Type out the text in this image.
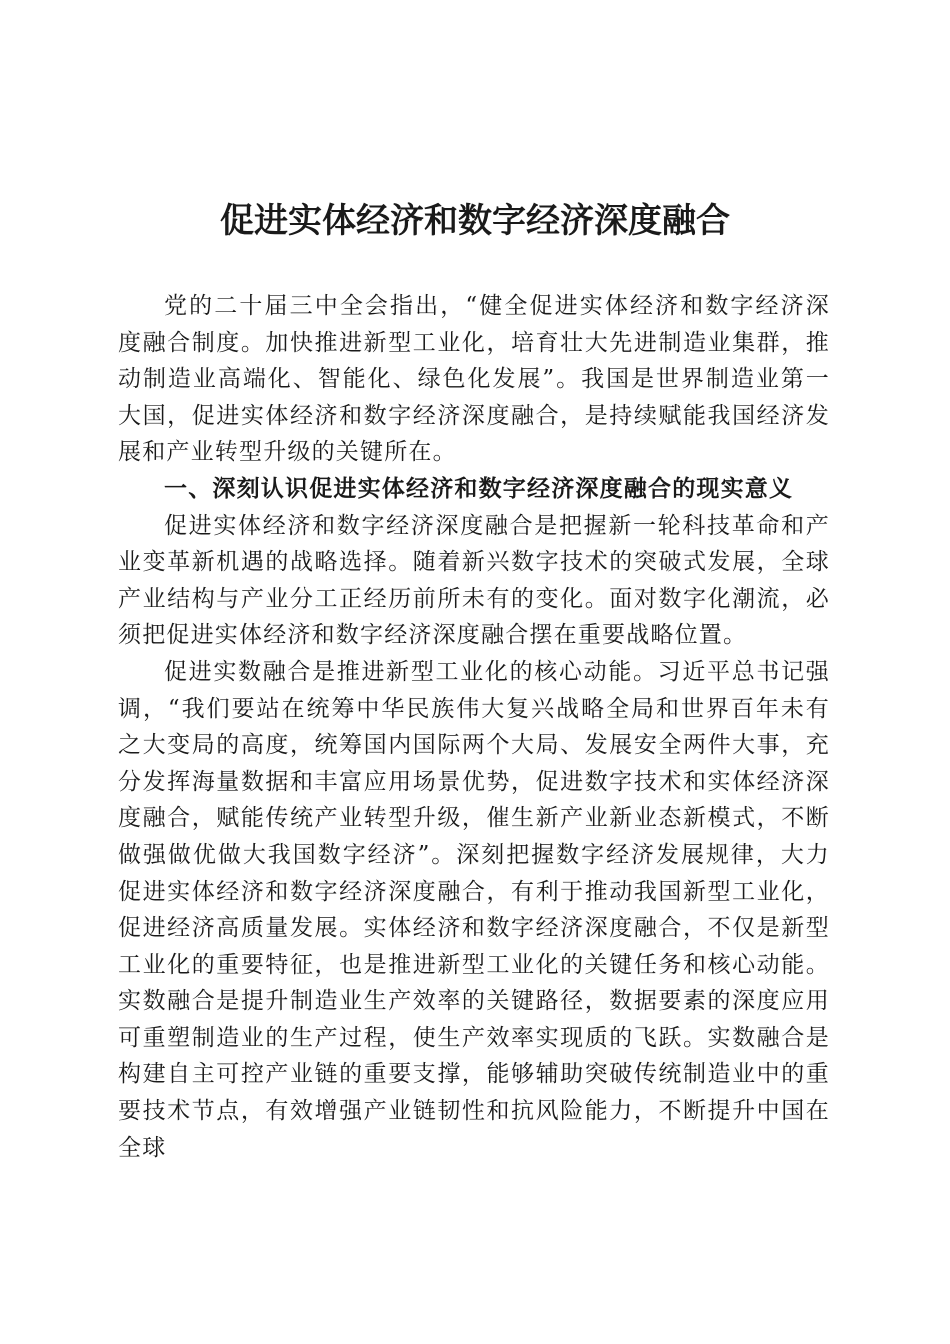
促进实体经济和数字经济深度融合

党的二十届三中全会指出，“健全促进实体经济和数字经济深度融合制度。加快推进新型工业化，培育壮大先进制造业集群，推动制造业高端化、智能化、绿色化发展”。我国是世界制造业第一大国，促进实体经济和数字经济深度融合，是持续赋能我国经济发展和产业转型升级的关键所在。

一、深刻认识促进实体经济和数字经济深度融合的现实意义

促进实体经济和数字经济深度融合是把握新一轮科技革命和产业变革新机遇的战略选择。随着新兴数字技术的突破式发展，全球产业结构与产业分工正经历前所未有的变化。面对数字化潮流，必须把促进实体经济和数字经济深度融合摆在重要战略位置。

促进实数融合是推进新型工业化的核心动能。习近平总书记强调，“我们要站在统筹中华民族伟大复兴战略全局和世界百年未有之大变局的高度，统筹国内国际两个大局、发展安全两件大事，充分发挥海量数据和丰富应用场景优势，促进数字技术和实体经济深度融合，赋能传统产业转型升级，催生新产业新业态新模式，不断做强做优做大我国数字经济”。深刻把握数字经济发展规律，大力促进实体经济和数字经济深度融合，有利于推动我国新型工业化，促进经济高质量发展。实体经济和数字经济深度融合，不仅是新型工业化的重要特征，也是推进新型工业化的关键任务和核心动能。实数融合是提升制造业生产效率的关键路径，数据要素的深度应用可重塑制造业的生产过程，使生产效率实现质的飞跃。实数融合是构建自主可控产业链的重要支撑，能够辅助突破传统制造业中的重要技术节点，有效增强产业链韧性和抗风险能力，不断提升中国在全球
